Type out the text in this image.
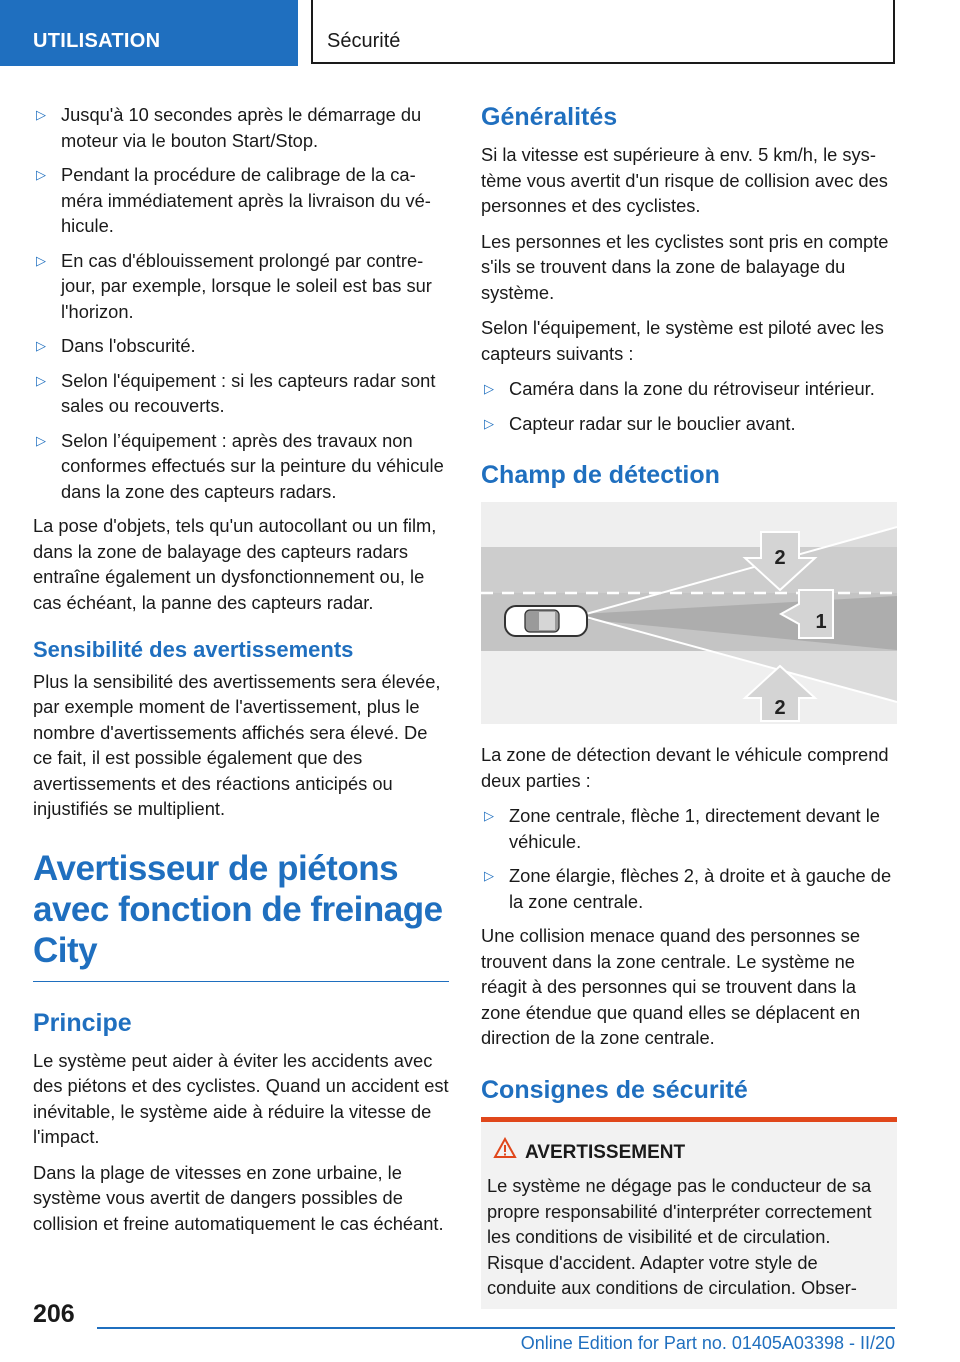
UTILISATION	Sécurité
▷ Jusqu'à 10 secondes après le démarrage du moteur via le bouton Start/Stop.
▷ Pendant la procédure de calibrage de la caméra immédiatement après la livraison du véhicule.
▷ En cas d'éblouissement prolongé par contre-jour, par exemple, lorsque le soleil est bas sur l'horizon.
▷ Dans l'obscurité.
▷ Selon l'équipement : si les capteurs radar sont sales ou recouverts.
▷ Selon l’équipement : après des travaux non conformes effectués sur la peinture du véhicule dans la zone des capteurs radars.

La pose d'objets, tels qu'un autocollant ou un film, dans la zone de balayage des capteurs radars entraîne également un dysfonctionnement ou, le cas échéant, la panne des capteurs radar.

Sensibilité des avertissements

Plus la sensibilité des avertissements sera élevée, par exemple moment de l'avertissement, plus le nombre d'avertissements affichés sera élevé. De ce fait, il est possible également que des avertissements et des réactions anticipés ou injustifiés se multiplient.

Avertisseur de piétons avec fonction de freinage City
Principe

Le système peut aider à éviter les accidents avec des piétons et des cyclistes. Quand un accident est inévitable, le système aide à réduire la vitesse de l'impact.

Dans la plage de vitesses en zone urbaine, le système vous avertit de dangers possibles de collision et freine automatiquement le cas échéant.

Généralités

Si la vitesse est supérieure à env. 5 km/h, le système vous avertit d'un risque de collision avec des personnes et des cyclistes.

Les personnes et les cyclistes sont pris en compte s'ils se trouvent dans la zone de balayage du système.

Selon l'équipement, le système est piloté avec les capteurs suivants :

▷ Caméra dans la zone du rétroviseur intérieur.
▷ Capteur radar sur le bouclier avant.
Champ de détection
2
1
2

La zone de détection devant le véhicule comprend deux parties :

▷ Zone centrale, flèche 1, directement devant le véhicule.
▷ Zone élargie, flèches 2, à droite et à gauche de la zone centrale.

Une collision menace quand des personnes se trouvent dans la zone centrale. Le système ne réagit à des personnes qui se trouvent dans la zone étendue que quand elles se déplacent en direction de la zone centrale.

Consignes de sécurité
AVERTISSEMENT
Le système ne dégage pas le conducteur de sa propre responsabilité d'interpréter correctement les conditions de visibilité et de circulation. Risque d'accident. Adapter votre style de conduite aux conditions de circulation. Obser-
206
Online Edition for Part no. 01405A03398 - II/20
